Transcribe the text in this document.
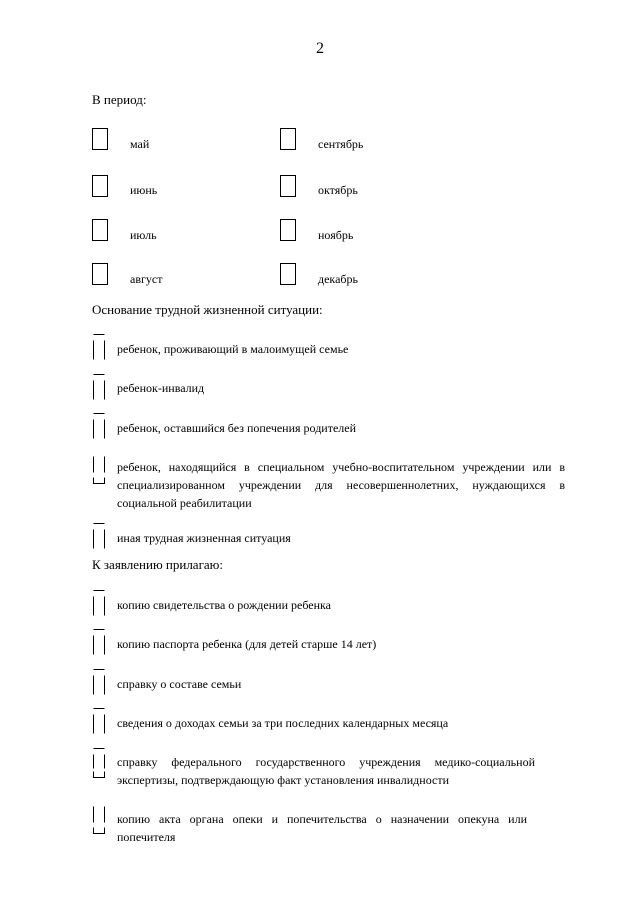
2
В период:
май	сентябрь
июнь	октябрь
июль	ноябрь
август	декабрь
Основание трудной жизненной ситуации:
ребенок, проживающий в малоимущей семье
ребенок-инвалид
ребенок, оставшийся без попечения родителей
ребенок, находящийся в специальном учебно-воспитательном учреждении или в специализированном учреждении для несовершеннолетних, нуждающихся в социальной реабилитации
иная трудная жизненная ситуация
К заявлению прилагаю:
копию свидетельства о рождении ребенка
копию паспорта ребенка (для детей старше 14 лет)
справку о составе семьи
сведения о доходах семьи за три последних календарных месяца
справку федерального государственного учреждения медико-социальной экспертизы, подтверждающую факт установления инвалидности
копию акта органа опеки и попечительства о назначении опекуна или попечителя
